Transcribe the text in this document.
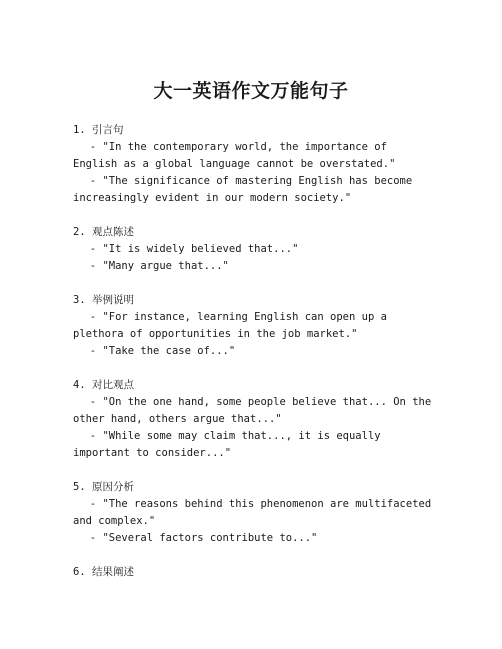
大一英语作文万能句子
1. 引言句
- "In the contemporary world, the importance of English as a global language cannot be overstated."
- "The significance of mastering English has become increasingly evident in our modern society."
2. 观点陈述
- "It is widely believed that..."
- "Many argue that..."
3. 举例说明
- "For instance, learning English can open up a plethora of opportunities in the job market."
- "Take the case of..."
4. 对比观点
- "On the one hand, some people believe that... On the other hand, others argue that..."
- "While some may claim that..., it is equally important to consider..."
5. 原因分析
- "The reasons behind this phenomenon are multifaceted and complex."
- "Several factors contribute to..."
6. 结果阐述
